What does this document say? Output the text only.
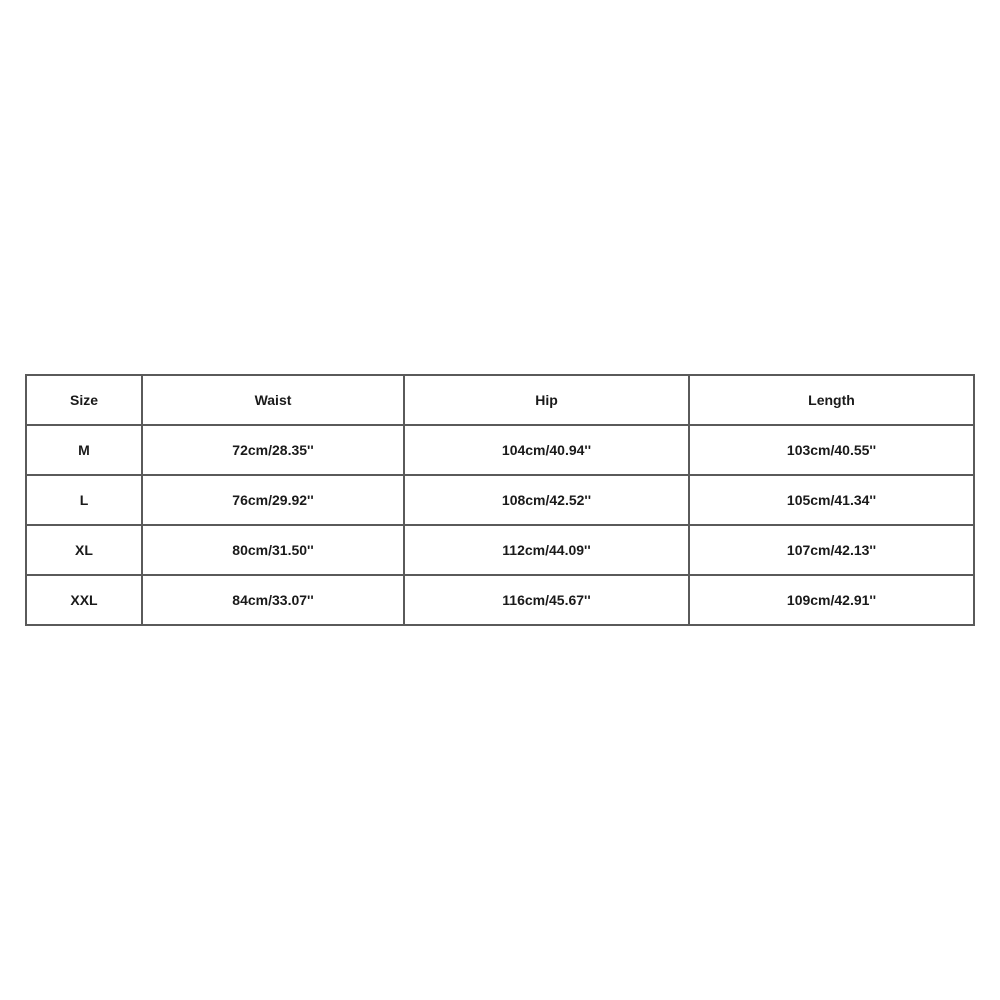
Size	Waist	Hip	Length
M	72cm/28.35''	104cm/40.94''	103cm/40.55''
L	76cm/29.92''	108cm/42.52''	105cm/41.34''
XL	80cm/31.50''	112cm/44.09''	107cm/42.13''
XXL	84cm/33.07''	116cm/45.67''	109cm/42.91''
